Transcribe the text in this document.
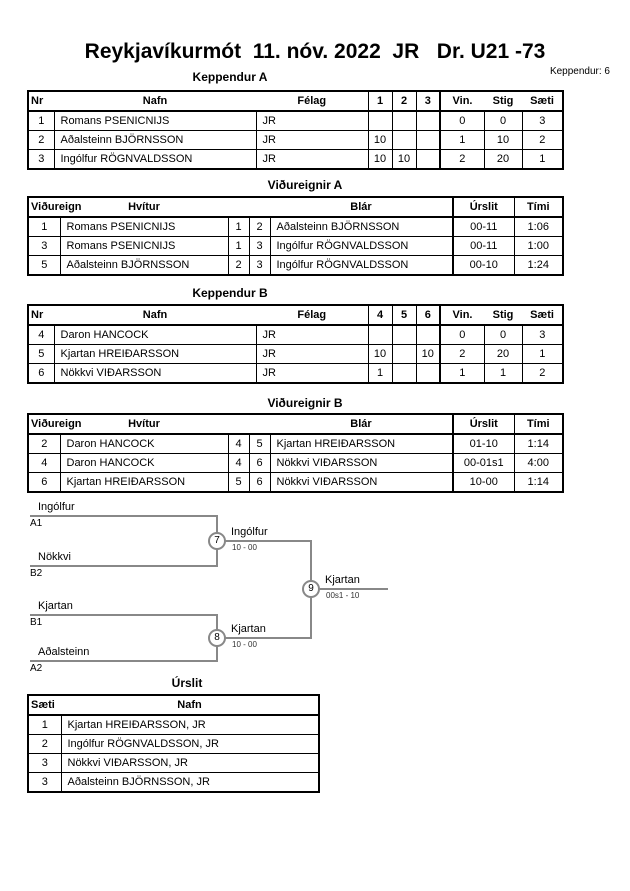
Reykjavíkurmót  11. nóv. 2022  JR   Dr. U21 -73
Keppendur: 6
Keppendur A
Nr	Nafn	Félag	1	2	3	Vin.	Stig	Sæti
1	Romans PSENICNIJS	JR				0	0	3
2	Aðalsteinn BJÖRNSSON	JR	10			1	10	2
3	Ingólfur RÖGNVALDSSON	JR	10	10		2	20	1
Viðureignir A
Viðureign	Hvítur			Blár	Úrslit	Tími
1	Romans PSENICNIJS	1	2	Aðalsteinn BJÖRNSSON	00-11	1:06
3	Romans PSENICNIJS	1	3	Ingólfur RÖGNVALDSSON	00-11	1:00
5	Aðalsteinn BJÖRNSSON	2	3	Ingólfur RÖGNVALDSSON	00-10	1:24
Keppendur B
Nr	Nafn	Félag	4	5	6	Vin.	Stig	Sæti
4	Daron HANCOCK	JR				0	0	3
5	Kjartan HREIÐARSSON	JR	10		10	2	20	1
6	Nökkvi VIÐARSSON	JR	1			1	1	2
Viðureignir B
Viðureign	Hvítur			Blár	Úrslit	Tími
2	Daron HANCOCK	4	5	Kjartan HREIÐARSSON	01-10	1:14
4	Daron HANCOCK	4	6	Nökkvi VIÐARSSON	00-01s1	4:00
6	Kjartan HREIÐARSSON	5	6	Nökkvi VIÐARSSON	10-00	1:14
Ingólfur
A1
Nökkvi
B2
Kjartan
B1
Aðalsteinn
A2
7
8
9
Ingólfur
10 - 00
Kjartan
10 - 00
Kjartan
00s1 - 10
Úrslit
Sæti	Nafn
1	Kjartan HREIÐARSSON, JR
2	Ingólfur RÖGNVALDSSON, JR
3	Nökkvi VIÐARSSON, JR
3	Aðalsteinn BJÖRNSSON, JR
